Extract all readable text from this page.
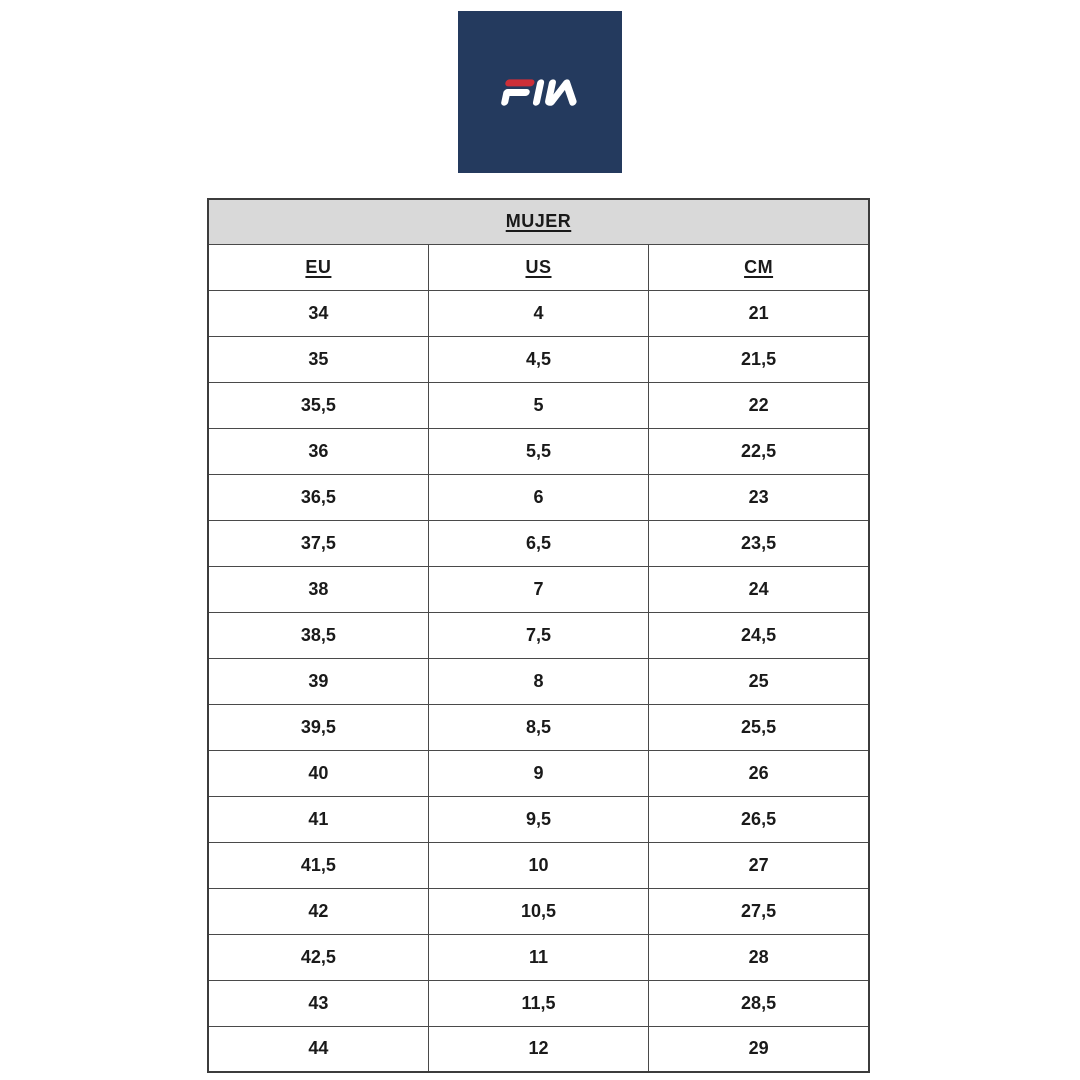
MUJER		
EU	US	CM
34	4	21
35	4,5	21,5
35,5	5	22
36	5,5	22,5
36,5	6	23
37,5	6,5	23,5
38	7	24
38,5	7,5	24,5
39	8	25
39,5	8,5	25,5
40	9	26
41	9,5	26,5
41,5	10	27
42	10,5	27,5
42,5	11	28
43	11,5	28,5
44	12	29
